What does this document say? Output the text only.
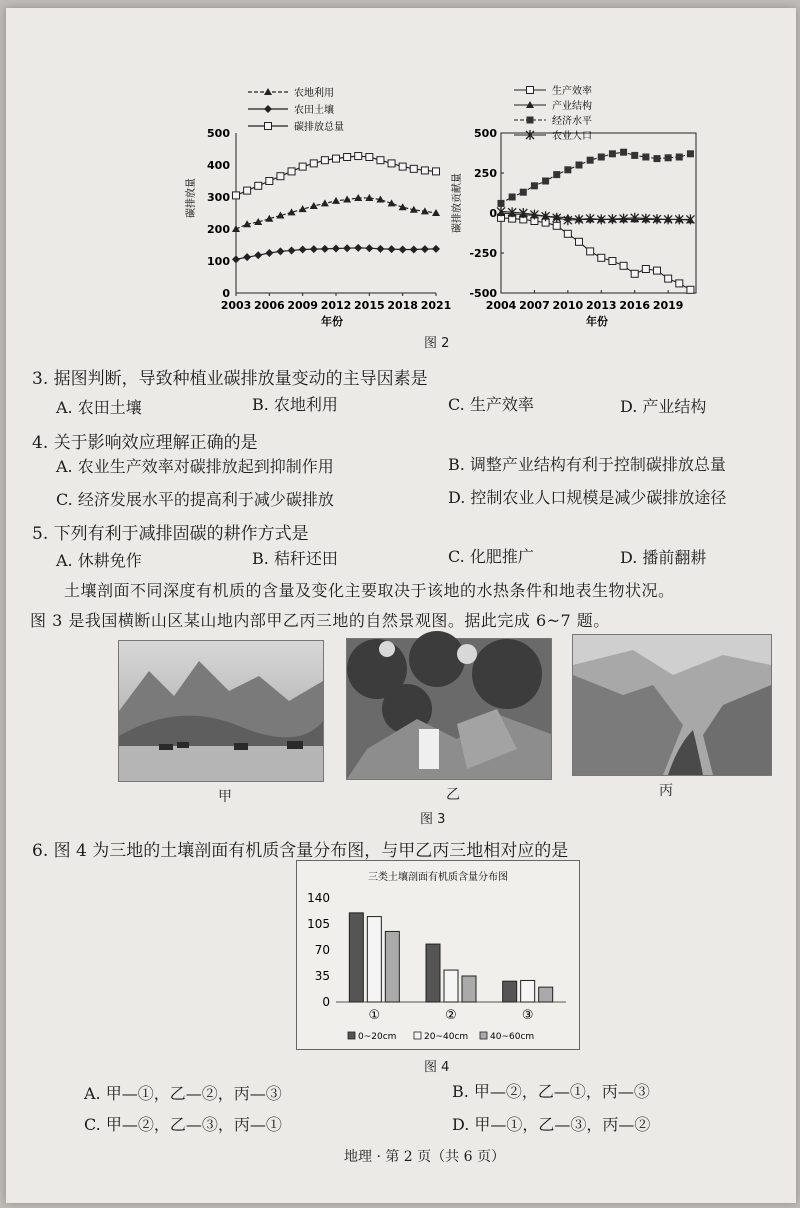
500
400
300
200
100
0
2003 2006 2009 2012 2015 2018 2021
碳排放量
年份
农地利用
农田土壤
碳排放总量	500
250
0
-250
-500
2004 2007 2010 2013 2016 2019
碳排放贡献量
年份
生产效率
产业结构
经济水平
农业人口
图 2
3. 据图判断，导致种植业碳排放量变动的主导因素是
A. 农田土壤	B. 农地利用	C. 生产效率	D. 产业结构
4. 关于影响效应理解正确的是
A. 农业生产效率对碳排放起到抑制作用	B. 调整产业结构有利于控制碳排放总量
C. 经济发展水平的提高利于减少碳排放	D. 控制农业人口规模是减少碳排放途径
5. 下列有利于减排固碳的耕作方式是
A. 休耕免作	B. 秸秆还田	C. 化肥推广	D. 播前翻耕
土壤剖面不同深度有机质的含量及变化主要取决于该地的水热条件和地表生物状况。
图 3 是我国横断山区某山地内部甲乙丙三地的自然景观图。据此完成 6~7 题。
甲	乙	丙
图 3
6. 图 4 为三地的土壤剖面有机质含量分布图，与甲乙丙三地相对应的是
三类土壤剖面有机质含量分布图
140
105
70
35
0
①	②	③
0~20cm	20~40cm 40~60cm
图 4
A. 甲—①，乙—②，丙—③	B. 甲—②，乙—①，丙—③
C. 甲—②，乙—③，丙—①	D. 甲—①，乙—③，丙—②
地理 · 第 2 页（共 6 页）
